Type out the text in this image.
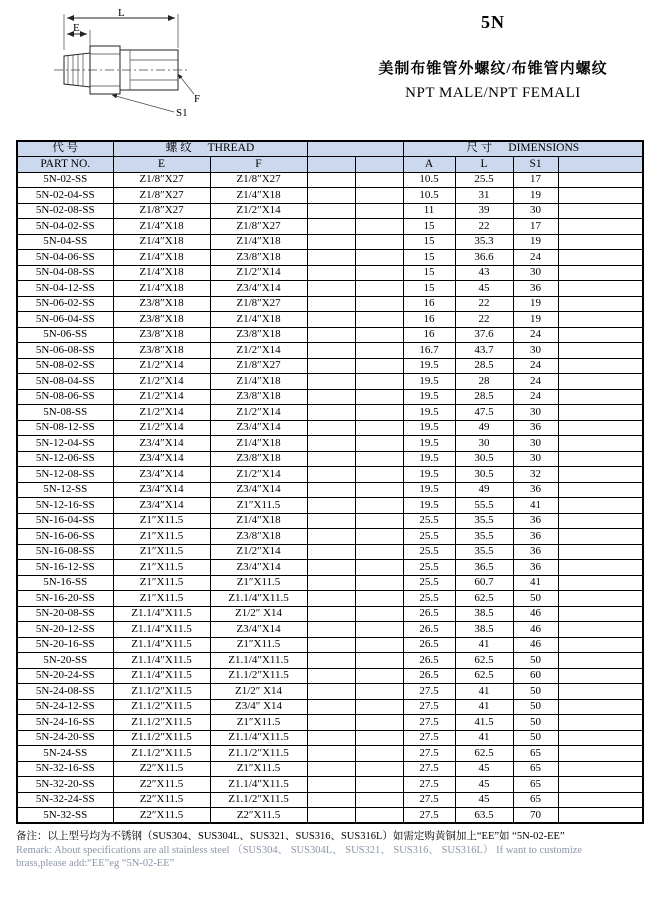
L
E
F
S1
5N
美制布锥管外螺纹/布锥管内螺纹
NPT MALE/NPT FEMALI
代 号	螺 纹 THREAD				尺 寸 DIMENSIONS			
PART NO.	E	F			A	L	S1	
5N-02-SS	Z1/8″X27	Z1/8″X27			10.5	25.5	17	
5N-02-04-SS	Z1/8″X27	Z1/4″X18			10.5	31	19	
5N-02-08-SS	Z1/8″X27	Z1/2″X14			11	39	30	
5N-04-02-SS	Z1/4″X18	Z1/8″X27			15	22	17	
5N-04-SS	Z1/4″X18	Z1/4″X18			15	35.3	19	
5N-04-06-SS	Z1/4″X18	Z3/8″X18			15	36.6	24	
5N-04-08-SS	Z1/4″X18	Z1/2″X14			15	43	30	
5N-04-12-SS	Z1/4″X18	Z3/4″X14			15	45	36	
5N-06-02-SS	Z3/8″X18	Z1/8″X27			16	22	19	
5N-06-04-SS	Z3/8″X18	Z1/4″X18			16	22	19	
5N-06-SS	Z3/8″X18	Z3/8″X18			16	37.6	24	
5N-06-08-SS	Z3/8″X18	Z1/2″X14			16.7	43.7	30	
5N-08-02-SS	Z1/2″X14	Z1/8″X27			19.5	28.5	24	
5N-08-04-SS	Z1/2″X14	Z1/4″X18			19.5	28	24	
5N-08-06-SS	Z1/2″X14	Z3/8″X18			19.5	28.5	24	
5N-08-SS	Z1/2″X14	Z1/2″X14			19.5	47.5	30	
5N-08-12-SS	Z1/2″X14	Z3/4″X14			19.5	49	36	
5N-12-04-SS	Z3/4″X14	Z1/4″X18			19.5	30	30	
5N-12-06-SS	Z3/4″X14	Z3/8″X18			19.5	30.5	30	
5N-12-08-SS	Z3/4″X14	Z1/2″X14			19.5	30.5	32	
5N-12-SS	Z3/4″X14	Z3/4″X14			19.5	49	36	
5N-12-16-SS	Z3/4″X14	Z1″X11.5			19.5	55.5	41	
5N-16-04-SS	Z1″X11.5	Z1/4″X18			25.5	35.5	36	
5N-16-06-SS	Z1″X11.5	Z3/8″X18			25.5	35.5	36	
5N-16-08-SS	Z1″X11.5	Z1/2″X14			25.5	35.5	36	
5N-16-12-SS	Z1″X11.5	Z3/4″X14			25.5	36.5	36	
5N-16-SS	Z1″X11.5	Z1″X11.5			25.5	60.7	41	
5N-16-20-SS	Z1″X11.5	Z1.1/4″X11.5			25.5	62.5	50	
5N-20-08-SS	Z1.1/4″X11.5	Z1/2″ X14			26.5	38.5	46	
5N-20-12-SS	Z1.1/4″X11.5	Z3/4″X14			26.5	38.5	46	
5N-20-16-SS	Z1.1/4″X11.5	Z1″X11.5			26.5	41	46	
5N-20-SS	Z1.1/4″X11.5	Z1.1/4″X11.5			26.5	62.5	50	
5N-20-24-SS	Z1.1/4″X11.5	Z1.1/2″X11.5			26.5	62.5	60	
5N-24-08-SS	Z1.1/2″X11.5	Z1/2″ X14			27.5	41	50	
5N-24-12-SS	Z1.1/2″X11.5	Z3/4″ X14			27.5	41	50	
5N-24-16-SS	Z1.1/2″X11.5	Z1″X11.5			27.5	41.5	50	
5N-24-20-SS	Z1.1/2″X11.5	Z1.1/4″X11.5			27.5	41	50	
5N-24-SS	Z1.1/2″X11.5	Z1.1/2″X11.5			27.5	62.5	65	
5N-32-16-SS	Z2″X11.5	Z1″X11.5			27.5	45	65	
5N-32-20-SS	Z2″X11.5	Z1.1/4″X11.5			27.5	45	65	
5N-32-24-SS	Z2″X11.5	Z1.1/2″X11.5			27.5	45	65	
5N-32-SS	Z2″X11.5	Z2″X11.5			27.5	63.5	70	
备注：以上型号均为不锈钢（SUS304、SUS304L、SUS321、SUS316、SUS316L）如需定购黄铜加上“EE”如 “5N-02-EE”
Remark: About specifications are all stainless steel （SUS304、 SUS304L、 SUS321、 SUS316、 SUS316L） If want to customize
brass,please add:“EE”eg “5N-02-EE”
